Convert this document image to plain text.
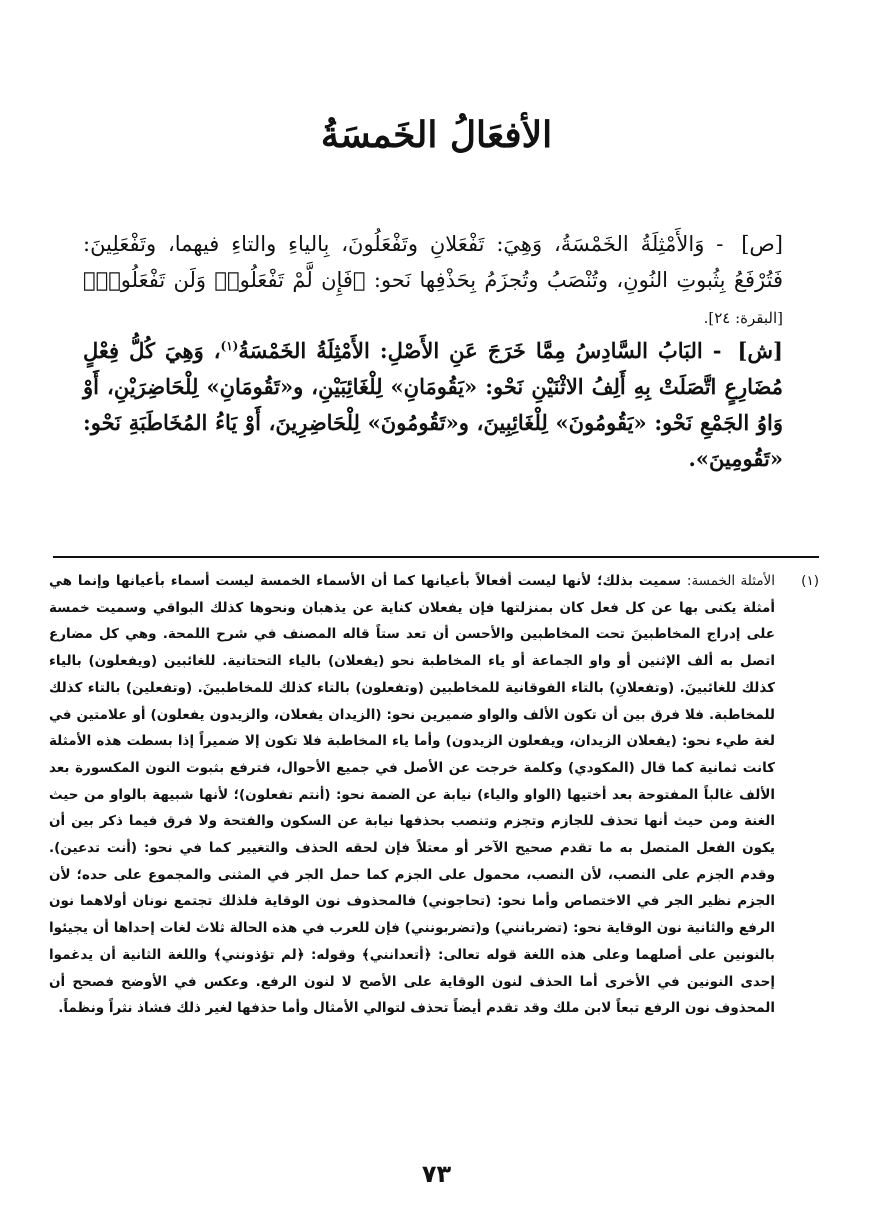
الأفعَالُ الخَمسَةُ
[ص] - وَالأَمْثِلَةُ الخَمْسَةُ، وَهِيَ: تَفْعَلانِ وتَفْعَلُونَ، بِالياءِ والتاءِ فيهما، وتَفْعَلِينَ: فَتُرْفَعُ بِثُبوتِ النُونِ، وتُنْصَبُ وتُجزَمُ بِحَذْفِها نَحو: ﴿فَإِن لَّمْ تَفْعَلُوا۟ وَلَن تَفْعَلُوا۟﴾ [البقرة: ٢٤].
[ش] - البَابُ السَّادِسُ مِمَّا خَرَجَ عَنِ الأَصْلِ: الأَمْثِلَةُ الخَمْسَةُ$^{(١)}$، وَهِيَ كُلُّ فِعْلٍ مُضَارِعٍ اتَّصَلَتْ بِهِ أَلِفُ الاثْنَيْنِ نَحْو: «يَقُومَانِ» لِلْغَائِبَيْنِ، و«تَقُومَانِ» لِلْحَاضِرَيْنِ، أَوْ وَاوُ الجَمْعِ نَحْو: «يَقُومُونَ» لِلْغَائِبِينَ، و«تَقُومُونَ» لِلْحَاضِرِينَ، أَوْ يَاءُ المُخَاطَبَةِ نَحْو: «تَقُومِينَ».
(١)
الأمثلة الخمسة: سميت بذلك؛ لأنها ليست أفعالاً بأعيانها كما أن الأسماء الخمسة ليست أسماء بأعيانها وإنما هي أمثلة يكنى بها عن كل فعل كان بمنزلتها فإن يفعلان كناية عن يذهبان ونحوها كذلك البواقي وسميت خمسة على إدراج المخاطبينَ تحت المخاطبين والأحسن أن تعد ستاً قاله المصنف في شرح اللمحة. وهي كل مضارع اتصل به ألف الإثنين أو واو الجماعة أو ياء المخاطبة نحو (يفعلان) بالياء التحتانية. للغائبين (ويفعلون) بالياء كذلك للغائبينَ. (وتفعلانِ) بالتاء الفوقانية للمخاطبين (وتفعلون) بالتاء كذلك للمخاطبينَ. (وتفعلين) بالتاء كذلك للمخاطبة. فلا فرق بين أن تكون الألف والواو ضميرين نحو: (الزيدان يفعلان، والزيدون يفعلون) أو علامتين في لغة طيء نحو: (يفعلان الزيدان، ويفعلون الزيدون) وأما ياء المخاطبة فلا تكون إلا ضميراً إذا بسطت هذه الأمثلة كانت ثمانية كما قال (المكودي) وكلمة خرجت عن الأصل في جميع الأحوال، فترفع بثبوت النون المكسورة بعد الألف غالباً المفتوحة بعد أختيها (الواو والياء) نيابة عن الضمة نحو: (أنتم تفعلون)؛ لأنها شبيهة بالواو من حيث الغنة ومن حيث أنها تحذف للجازم وتجزم وتنصب بحذفها نيابة عن السكون والفتحة ولا فرق فيما ذكر بين أن يكون الفعل المتصل به ما تقدم صحيح الآخر أو معتلاً فإن لحقه الحذف والتغيير كما في نحو: (أنت تدعين). وقدم الجزم على النصب، لأن النصب، محمول على الجزم كما حمل الجر في المثنى والمجموع على حده؛ لأن الجزم نظير الجر في الاختصاص وأما نحو: (تحاجوني) فالمحذوف نون الوقاية فلذلك تجتمع نونان أولاهما نون الرفع والثانية نون الوقاية نحو: (تضربانني) و(تضربونني) فإن للعرب في هذه الحالة ثلاث لغات إحداها أن يجيئوا بالنونين على أصلهما وعلى هذه اللغة قوله تعالى: ﴿أتعدانني﴾ وقوله: ﴿لم تؤذونني﴾ واللغة الثانية أن يدغموا إحدى النونين في الأخرى أما الحذف لنون الوقاية على الأصح لا لنون الرفع. وعكس في الأوضح فصحح أن المحذوف نون الرفع تبعاً لابن ملك وقد تقدم أيضاً تحذف لتوالي الأمثال وأما حذفها لغير ذلك فشاذ نثراً ونظماً.
٧٣
